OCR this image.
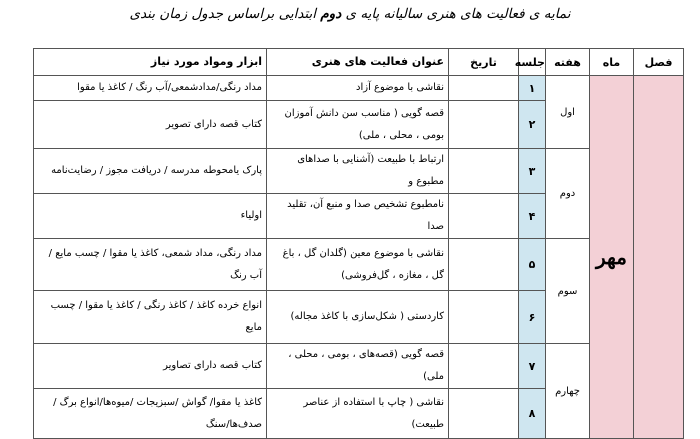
نمایه ی فعالیت های هنری سالیانه پایه ی دوم ابتدایی براساس جدول زمان بندی
فصل	ماه	هفته	جلسه	تاریخ	عنوان فعالیت های هنری	ابزار ومواد مورد نیاز
	مهر	اول	۱		نقاشی با موضوع آزاد	مداد رنگی/مدادشمعی/آب رنگ / کاغذ یا مقوا
			۲		قصه گویی ( مناسب سن دانش آموزان بومی ، محلی ، ملی)	کتاب قصه دارای تصویر
		دوم	۳		ارتباط با طبیعت (آشنایی با صداهای مطبوع و	پارک یامحوطه مدرسه / دریافت مجوز / رضایت‌نامه
			۴		نامطبوع تشخیص صدا و منبع آن، تقلید صدا	اولیاء
		سوم	۵		نقاشی با موضوع معین (گلدان گل ، باغ گل ، مغازه ، گل‌فروشی)	مداد رنگی، مداد شمعی، کاغذ یا مقوا / چسب مایع / آب رنگ
			۶		کاردستی ( شکل‌سازی با کاغذ مجاله)	انواع خرده کاغذ / کاغذ رنگی / کاغذ یا مقوا / چسب مایع
		چهارم	۷		قصه گویی (قصه‌های ، بومی ، محلی ، ملی)	کتاب قصه دارای تصاویر
			۸		نقاشی ( چاپ با استفاده از عناصر طبیعت)	کاغذ یا مقوا/ گواش /سبزیجات /میوه‌ها/انواع برگ /صدف‌ها/سنگ
